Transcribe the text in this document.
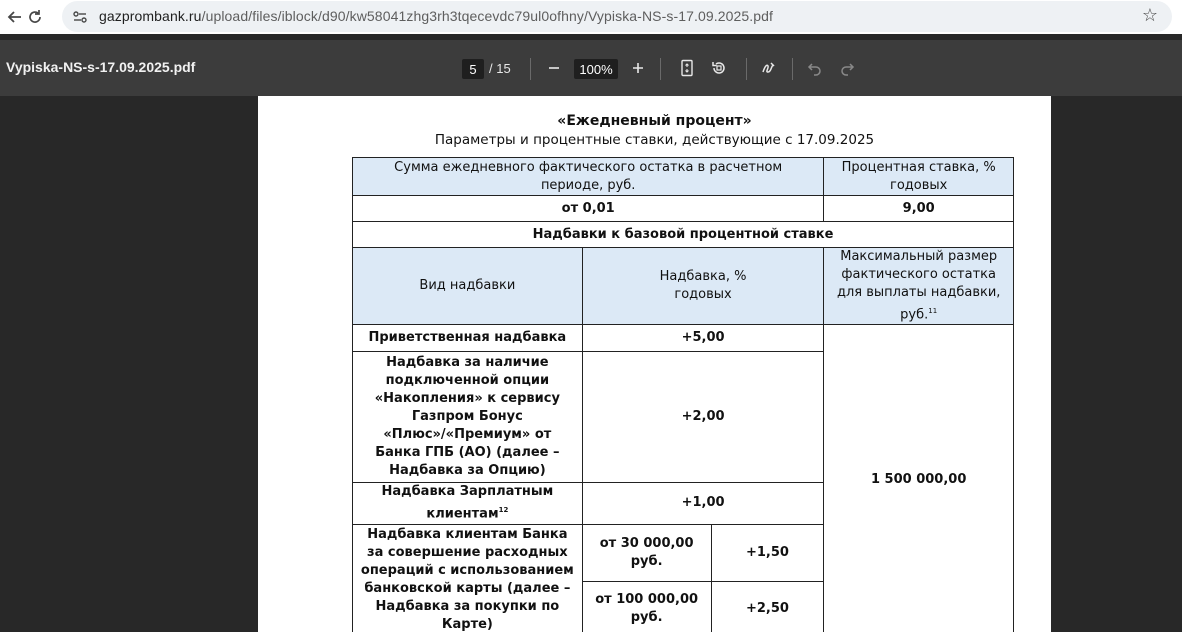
gazprombank.ru/upload/files/iblock/d90/kw58041zhg3rh3tqecevdc79ul0ofhny/Vypiska-NS-s-17.09.2025.pdf	☆
Vypiska-NS-s-17.09.2025.pdf	5 / 15	100%
«Ежедневный процент»
Параметры и процентные ставки, действующие с 17.09.2025
Сумма ежедневного фактического остатка в расчетном периоде, руб.			Процентная ставка, % годовых
от 0,01			9,00
Надбавки к базовой процентной ставке			
Вид надбавки	Надбавка, % годовых		Максимальный размер фактического остатка для выплаты надбавки, руб.$^{11}$
Приветственная надбавка	+5,00		1 500 000,00
Надбавка за наличие подключенной опции «Накопления» к сервису Газпром Бонус «Плюс»/«Премиум» от Банка ГПБ (АО) (далее – Надбавка за Опцию)	+2,00		
Надбавка Зарплатным клиентам$^{12}$	+1,00		
Надбавка клиентам Банка за совершение расходных операций с использованием банковской карты (далее – Надбавка за покупки по Карте)	от 30 000,00 руб.	+1,50	
	от 100 000,00 руб.	+2,50	
